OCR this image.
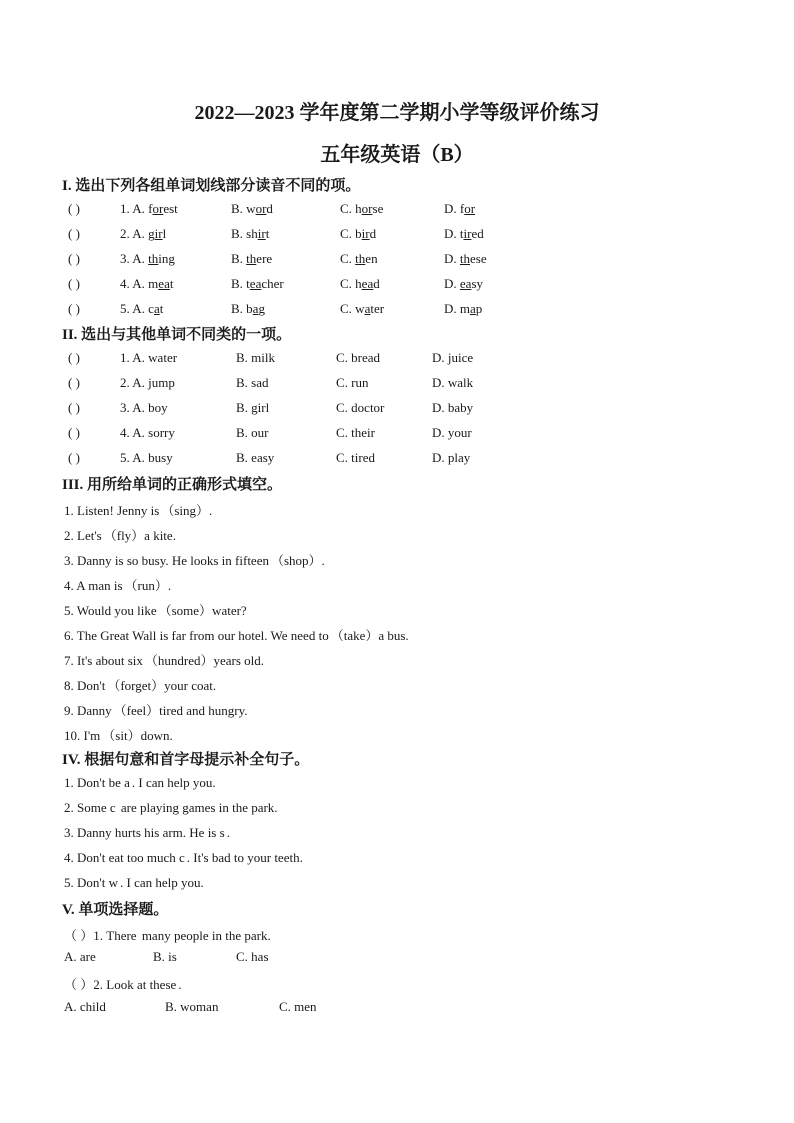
2022—2023 学年度第二学期小学等级评价练习
五年级英语（B）
I. 选出下列各组单词划线部分读音不同的项。
( )	1. A. forest	B. word	C. horse	D. for
( )	2. A. girl	B. shirt	C. bird	D. tired
( )	3. A. thing	B. there	C. then	D. these
( )	4. A. meat	B. teacher	C. head	D. easy
( )	5. A. cat	B. bag	C. water	D. map
II. 选出与其他单词不同类的一项。
( )	1. A. water	B. milk	C. bread	D. juice
( )	2. A. jump	B. sad	C. run	D. walk
( )	3. A. boy	B. girl	C. doctor	D. baby
( )	4. A. sorry	B. our	C. their	D. your
( )	5. A. busy	B. easy	C. tired	D. play
III. 用所给单词的正确形式填空。
1. Listen! Jenny is （sing）.
2. Let's （fly）a kite.
3. Danny is so busy. He looks in fifteen （shop）.
4. A man is （run）.
5. Would you like （some）water?
6. The Great Wall is far from our hotel. We need to （take）a bus.
7. It's about six （hundred）years old.
8. Don't （forget）your coat.
9. Danny （feel）tired and hungry.
10. I'm （sit）down.
IV. 根据句意和首字母提示补全句子。
1. Don't be a . I can help you.
2. Some c are playing games in the park.
3. Danny hurts his arm. He is s .
4. Don't eat too much c . It's bad to your teeth.
5. Don't w . I can help you.
V. 单项选择题。
（ ）1. There many people in the park.
A. are	B. is	C. has
（ ）2. Look at these .
A. child	B. woman	C. men
